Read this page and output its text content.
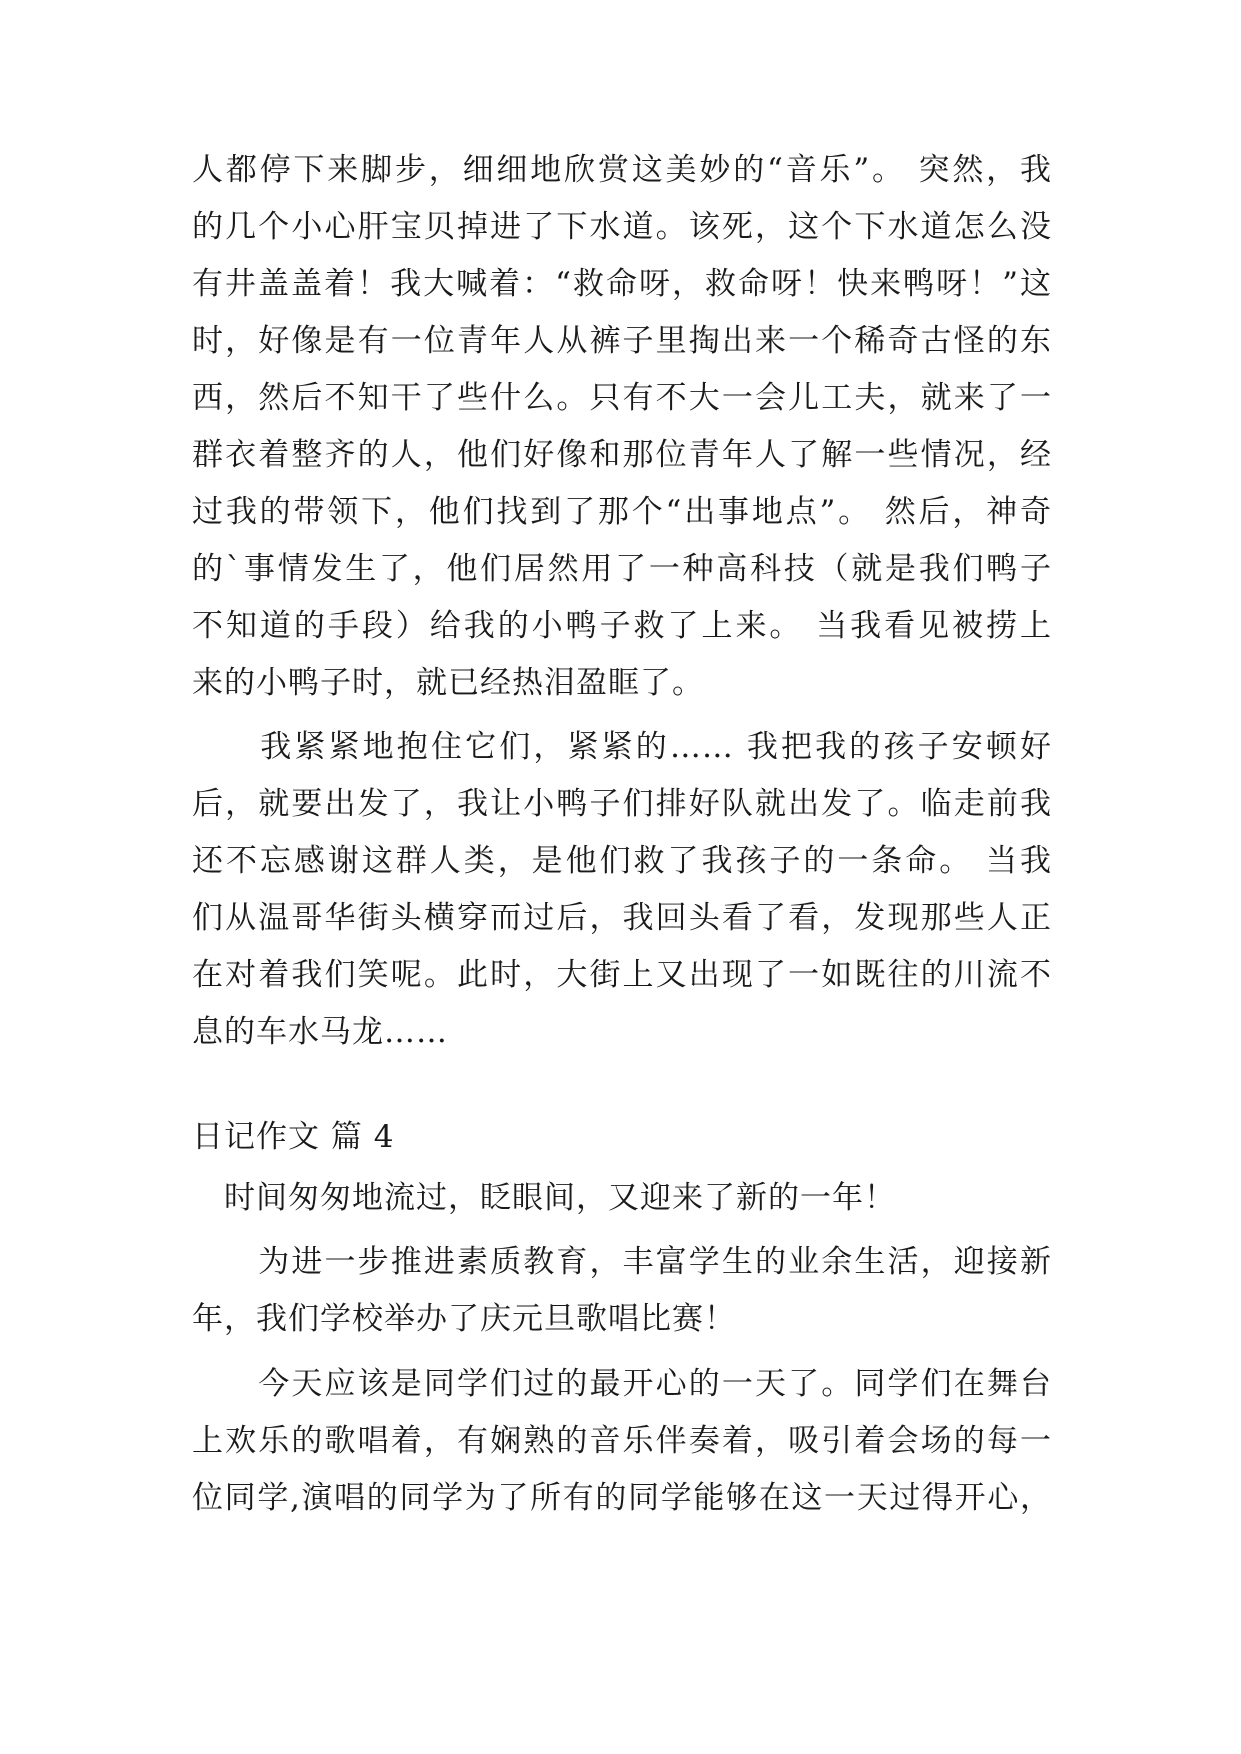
人都停下来脚步，细细地欣赏这美妙的“音乐”。 突然，我
的几个小心肝宝贝掉进了下水道。该死，这个下水道怎么没
有井盖盖着！我大喊着：“救命呀，救命呀！快来鸭呀！”这
时，好像是有一位青年人从裤子里掏出来一个稀奇古怪的东
西，然后不知干了些什么。只有不大一会儿工夫，就来了一
群衣着整齐的人，他们好像和那位青年人了解一些情况，经
过我的带领下，他们找到了那个“出事地点”。 然后，神奇
的`事情发生了，他们居然用了一种高科技（就是我们鸭子
不知道的手段）给我的小鸭子救了上来。 当我看见被捞上
来的小鸭子时，就已经热泪盈眶了。
　　我紧紧地抱住它们，紧紧的…… 我把我的孩子安顿好
后，就要出发了，我让小鸭子们排好队就出发了。临走前我
还不忘感谢这群人类，是他们救了我孩子的一条命。 当我
们从温哥华街头横穿而过后，我回头看了看，发现那些人正
在对着我们笑呢。此时，大街上又出现了一如既往的川流不
息的车水马龙……
日记作文 篇 4
　时间匆匆地流过，眨眼间，又迎来了新的一年！
　　为进一步推进素质教育，丰富学生的业余生活，迎接新
年，我们学校举办了庆元旦歌唱比赛！
　　今天应该是同学们过的最开心的一天了。同学们在舞台
上欢乐的歌唱着，有娴熟的音乐伴奏着，吸引着会场的每一
位同学,演唱的同学为了所有的同学能够在这一天过得开心，
